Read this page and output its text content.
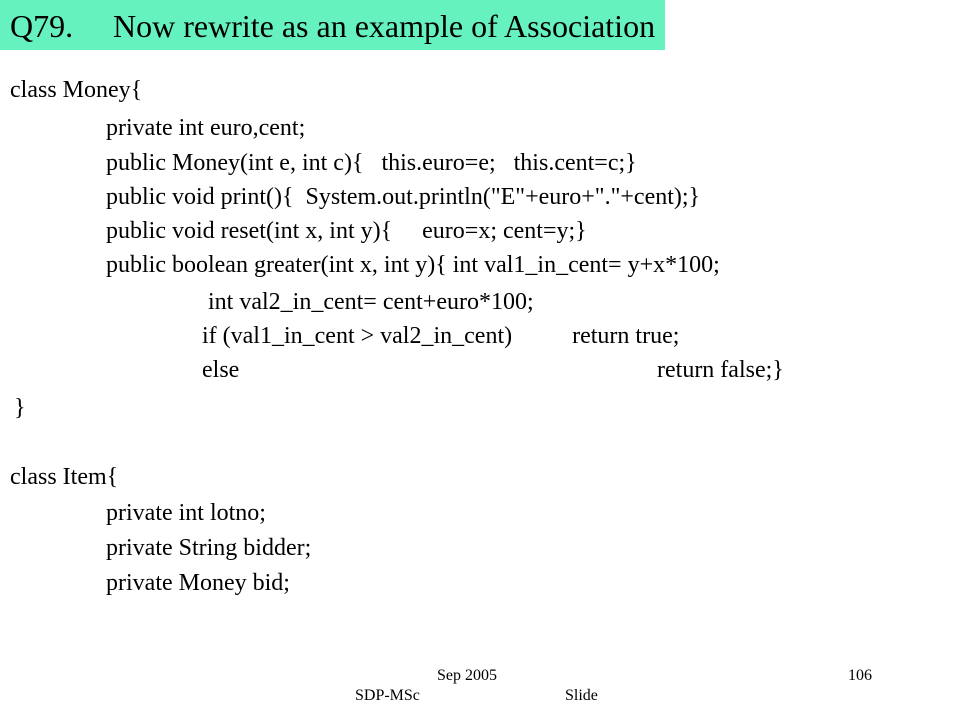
Q79. Now rewrite as an example of Association
class Money{
private int euro,cent;
public Money(int e, int c){   this.euro=e;   this.cent=c;}
public void print(){  System.out.println("E"+euro+"."+cent);}
public void reset(int x, int y){     euro=x; cent=y;}
public boolean greater(int x, int y){ int val1_in_cent= y+x*100;
int val2_in_cent= cent+euro*100;
if (val1_in_cent > val2_in_cent)          return true;
else	return false;}
}
class Item{
private int lotno;
private String bidder;
private Money bid;
Sep 2005
SDP-MSc	Slide
106
